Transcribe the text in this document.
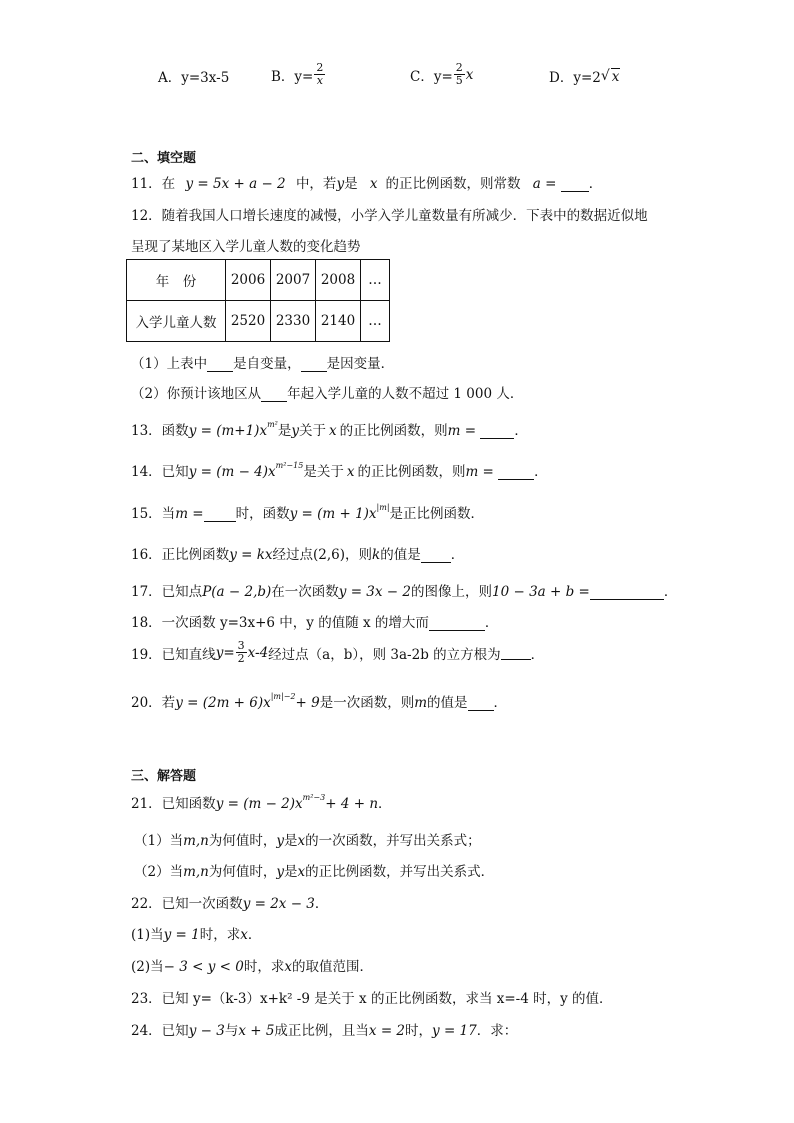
A．y=3x-5	B．$y= \frac{2}{x}$	C．$y= \frac{2}{5}$ x	D．y=2 √ x
二、填空题
11．在 y = 5x + a − 2 中，若y是 x 的正比例函数，则常数 a = ．
12．随着我国人口增长速度的减慢，小学入学儿童数量有所减少．下表中的数据近似地
呈现了某地区入学儿童人数的变化趋势
年　份	2006	2007	2008	…
入学儿童人数	2520	2330	2140	…
（1）上表中 是自变量， 是因变量．
（2）你预计该地区从 年起入学儿童的人数不超过 1 000 人．
13．函数$y = (m+1)x^{m^2}$是y关于 x 的正比例函数，则m =	．
14．已知$y = (m - 4)x^{m^2-15}$是关于 x 的正比例函数，则m =	．
15．当m = 时，函数$y = (m + 1)x^{|m|}$是正比例函数．
16．正比例函数y = kx经过点(2,6)，则k的值是 ．
17．已知点P(a − 2,b)在一次函数y = 3x − 2的图像上，则10 − 3a + b =	．
18．一次函数 y=3x+6 中，y 的值随 x 的增大而	．
19．已知直线 $y= \frac{3}{2} x-4$ 经过点（a，b），则 3a-2b 的立方根为 ．
20．若$y = (2m + 6)x^{|m|-2}+ 9$是一次函数，则m的值是 ．
三、解答题
21．已知函数$y = (m - 2)x^{m^2-3}+ 4 + n$．
（1）当m,n为何值时，y是x的一次函数，并写出关系式；
（2）当m,n为何值时，y是x的正比例函数，并写出关系式．
22．已知一次函数y = 2x − 3．
(1)当y = 1时，求x．
(2)当− 3 < y < 0时，求x的取值范围．
23．已知 y=（k-3）x+k² -9 是关于 x 的正比例函数，求当 x=-4 时，y 的值．
24．已知y − 3与x + 5成正比例，且当x = 2时，y = 17．求：
